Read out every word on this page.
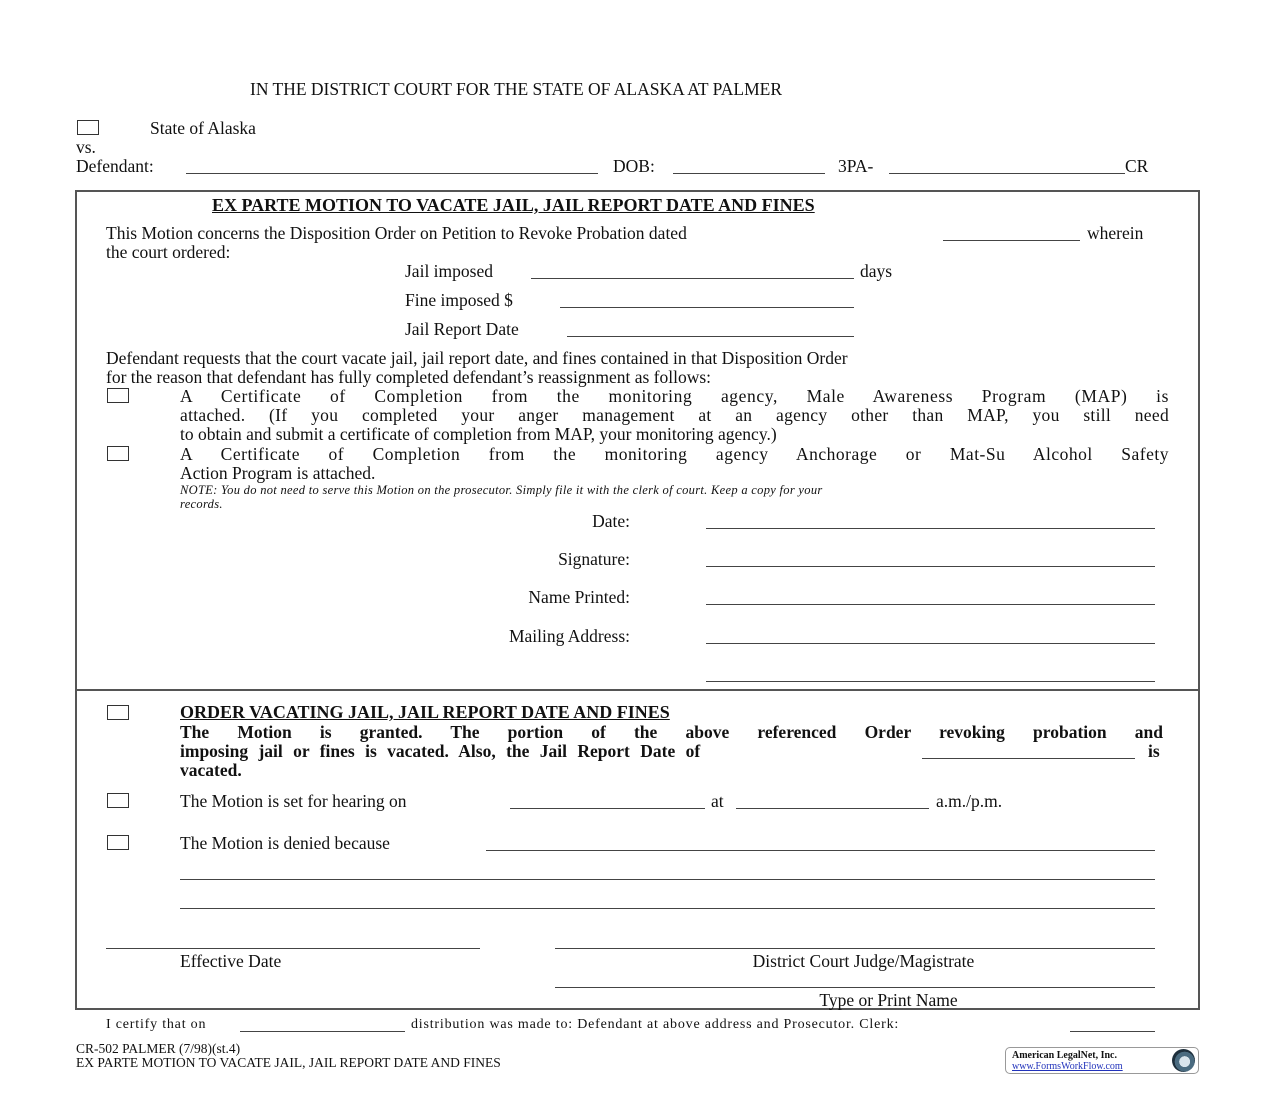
IN THE DISTRICT COURT FOR THE STATE OF ALASKA AT PALMER
State of Alaska
vs.
Defendant:	DOB:	3PA-	CR
EX PARTE MOTION TO VACATE JAIL, JAIL REPORT DATE AND FINES
This Motion concerns the Disposition Order on Petition to Revoke Probation dated	wherein
the court ordered:
Jail imposed	days
Fine imposed $
Jail Report Date
Defendant requests that the court vacate jail, jail report date, and fines contained in that Disposition Order
for the reason that defendant has fully completed defendant’s reassignment as follows:
A Certificate of Completion from the monitoring agency, Male Awareness Program (MAP) is
attached. (If you completed your anger management at an agency other than MAP, you still need
to obtain and submit a certificate of completion from MAP, your monitoring agency.)
A Certificate of Completion from the monitoring agency Anchorage or Mat-Su Alcohol Safety
Action Program is attached.
NOTE: You do not need to serve this Motion on the prosecutor. Simply file it with the clerk of court. Keep a copy for your
records.
Date:
Signature:
Name Printed:
Mailing Address:
ORDER VACATING JAIL, JAIL REPORT DATE AND FINES
The Motion is granted. The portion of the above referenced Order revoking probation and
imposing jail or fines is vacated. Also, the Jail Report Date of	is
vacated.
The Motion is set for hearing on	at	a.m./p.m.
The Motion is denied because
Effective Date	District Court Judge/Magistrate
Type or Print Name
I certify that on	distribution was made to: Defendant at above address and Prosecutor. Clerk:
CR-502 PALMER (7/98)(st.4)
EX PARTE MOTION TO VACATE JAIL, JAIL REPORT DATE AND FINES	American LegalNet, Inc.
www.FormsWorkFlow.com
